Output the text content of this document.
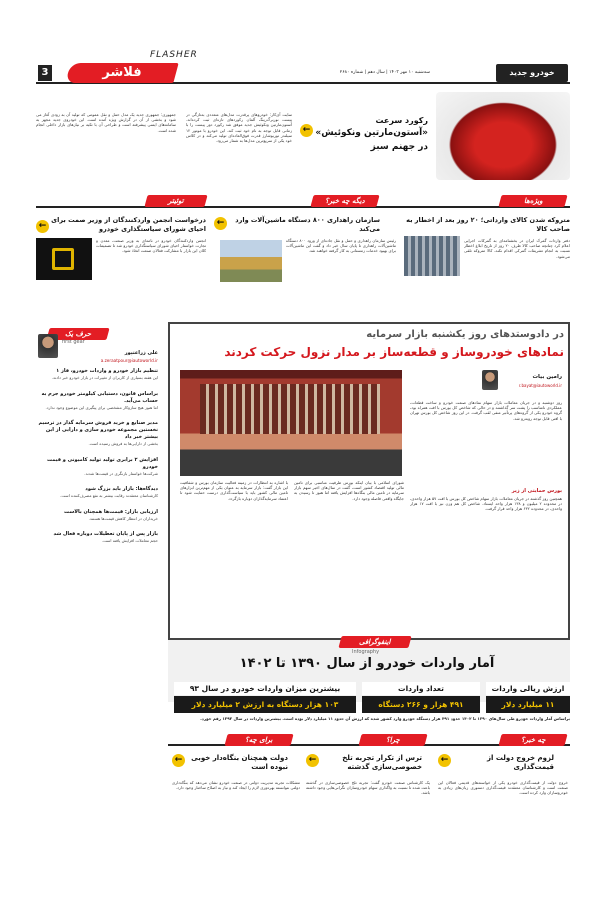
FLASHER
3	فلاشر	سه‌شنبه ۱۰ مهر ۱۴۰۳ | سال دهم | شماره ۲۶۸۰	خودرو جدید
رکورد سرعت
«آستون‌مارتین ونکوئیش»
در جهنم سبز
←
سایت آی‌کار: خودروهای پرقدرت مدل‌های متعددی به‌تازگی در پیست نوربرگ‌رینگ آلمان رکوردهای تازه‌ای ثبت کرده‌اند. آستون‌مارتین ونکوئیش جدید موفق شد رکورد دور پیست را با زمانی قابل توجه به نام خود ثبت کند. این خودرو با موتور ۱۲ سیلندر توربوشارژ قدرت فوق‌العاده‌ای تولید می‌کند و در کلاس خود یکی از سریع‌ترین مدل‌ها به شمار می‌رود.
جمهوری: جمهوری جدید یک مدل حمل و نقل عمومی که تولید آن به زودی آغاز می شود و بخشی از آن در گزارش ویژه آمده است. این خودروی جدید مجهز به سامانه‌های ایمنی پیشرفته است و طراحی آن با تکیه بر نیازهای بازار داخلی انجام شده است.
ویژه‌ها
متروکه شدن کالای وارداتی؛ ۲۰ روز بعد از اخطار به صاحب کالا
دفتر واردات گمرک ایران در بخشنامه‌ای به گمرکات اجرایی اعلام کرد چنانچه صاحب کالا ظرف ۲۰ روز از تاریخ ابلاغ اخطار نسبت به انجام تشریفات گمرکی اقدام نکند، کالا متروکه تلقی می‌شود.
دیگه چه خبر؟
سازمان راهداری ۸۰۰ دستگاه ماشین‌آلات وارد می‌کند
←
رئیس سازمان راهداری و حمل و نقل جاده‌ای از ورود ۸۰۰ دستگاه ماشین‌آلات راهداری تا پایان سال خبر داد و گفت این ماشین‌آلات برای بهبود خدمات زمستانی به کار گرفته خواهند شد.
توئیتر
درخواست انجمن واردکنندگان از وزیر صمت برای احیای شورای سیاستگذاری خودرو
←
انجمن واردکنندگان خودرو در نامه‌ای به وزیر صنعت، معدن و تجارت خواستار احیای شورای سیاستگذاری خودرو شد تا تصمیمات کلان این بازار با مشارکت فعالان صنعت اتخاذ شود.
حرف یک
first gear
علی زراعتپور
a.zeraatpour@iautoworld.ir
تنظیم بازار خودرو و واردات خودرو، فاز ۱
این هفته بسیاری از کاربران از تغییرات در بازار خودرو خبر دادند.
براساس قانون، دستیابی کیلومتر خودرو جرم به حساب می‌آید.
اما هنوز هیچ سازوکار مشخصی برای پیگیری این موضوع وجود ندارد.
مدیر صنایع و خرید فروش سرمایه گذار در ترسیم نخستین مجموعه خودرو سازی و دارایی از این بیشتر خبر داد
بخشی از دارایی‌ها به فروش رسیده است.
افزایش ۲ برابری تولید تولید کامیونی و قیمت خودرو
شرکت‌ها خواستار بازنگری در قیمت‌ها شدند.
دیدگاه‌ها: بازار باید بزرگ شود
کارشناسان معتقدند رقابت بیشتر به نفع مصرف‌کننده است.
ارزیابی بازار: قیمت‌ها همچنان بالاست
خریداران در انتظار کاهش قیمت‌ها هستند.
بازار پس از پایان تعطیلات دوباره فعال شد
حجم معاملات افزایش یافته است.
در دادوستدهای روز یکشنبه بازار سرمایه
نمادهای خودروساز و قطعه‌ساز بر مدار نزول حرکت کردند
رامین بیات
r.bayat@iautoworld.ir
روز دوشنبه و در جریان معاملات بازار سهام نمادهای صنعت خودرو و ساخت قطعات، عملکردی نامناسب را پشت سر گذاشتند و در حالی که شاخص کل بورس با افت همراه بود، گروه خودرو یکی از گروه‌های پرتأثیر منفی لقب گرفت. در این روز شاخص کل بورس تهران با افتی قابل توجه روبه‌رو شد.
بورس حمایتی از زیر
همچنین روز گذشته در جریان معاملات بازار سهام شاخص کل بورس با افت ۵۷ هزار واحدی، در محدوده ۲ میلیون و ۱۳۸ هزار واحد ایستاد. شاخص کل هم وزن نیز با افت ۱۷ هزار واحدی، در محدوده ۶۳۲ هزار واحد قرار گرفت.
شوراى اسلامى با بیان اینکه بورس ظرفیت مناسبی برای تامین مالی تولید اقتصاد کشور است، گفت در سال‌های اخیر سهم بازار سرمایه در تامین مالی بنگاه‌ها افزایش یافته اما هنوز تا رسیدن به جایگاه واقعی فاصله وجود دارد.
با اشاره به انتظارات در زمینه فعالیت سازمان بورس و شفافیت این بازار گفت: بازار سرمایه به عنوان یکی از مهم‌ترین ابزارهای تامین مالی کشور باید با سیاست‌گذاری درست حمایت شود تا اعتماد سرمایه‌گذاران دوباره بازگردد.
اینفوگرافی
Infography
آمار واردات خودرو از سال ۱۳۹۰ تا ۱۴۰۲
ارزش ریالی واردات
۱۱ میلیارد دلار
تعداد واردات
۴۹۱ هزار و ۲۶۶ دستگاه
بیشترین میزان واردات خودرو در سال ۹۳
۱۰۳ هزار دستگاه به ارزش ۲ میلیارد دلار
براساس آمار واردات خودرو طی سال‌های ۱۳۹۰ تا ۱۴۰۲ حدود ۴۹۱ هزار دستگاه خودرو وارد کشور شده که ارزش آن حدود ۱۱ میلیارد دلار بوده است. بیشترین واردات در سال ۱۳۹۳ رقم خورد.
چه خبر؟
لزوم خروج دولت از قیمت‌گذاری
←
خروج دولت از قیمت‌گذاری خودرو یکی از خواسته‌های قدیمی فعالان این صنعت است و کارشناسان معتقدند قیمت‌گذاری دستوری زیان‌های زیادی به خودروسازان وارد کرده است.
چرا؟
ترس از تکرار تجربه تلخ خصوصی‌سازی گذشته
←
یک کارشناس صنعت خودرو گفت: تجربه تلخ خصوصی‌سازی در گذشته باعث شده تا نسبت به واگذاری سهام خودروسازان نگرانی‌هایی وجود داشته باشد.
برای چه؟
دولت همچنان بنگاه‌دار خوبی نبوده است
←
مشکلات تجربه مدیریت دولتی در صنعت خودرو نشان می‌دهد که بنگاه‌داری دولتی نتوانسته بهره‌وری لازم را ایجاد کند و نیاز به اصلاح ساختار وجود دارد.
